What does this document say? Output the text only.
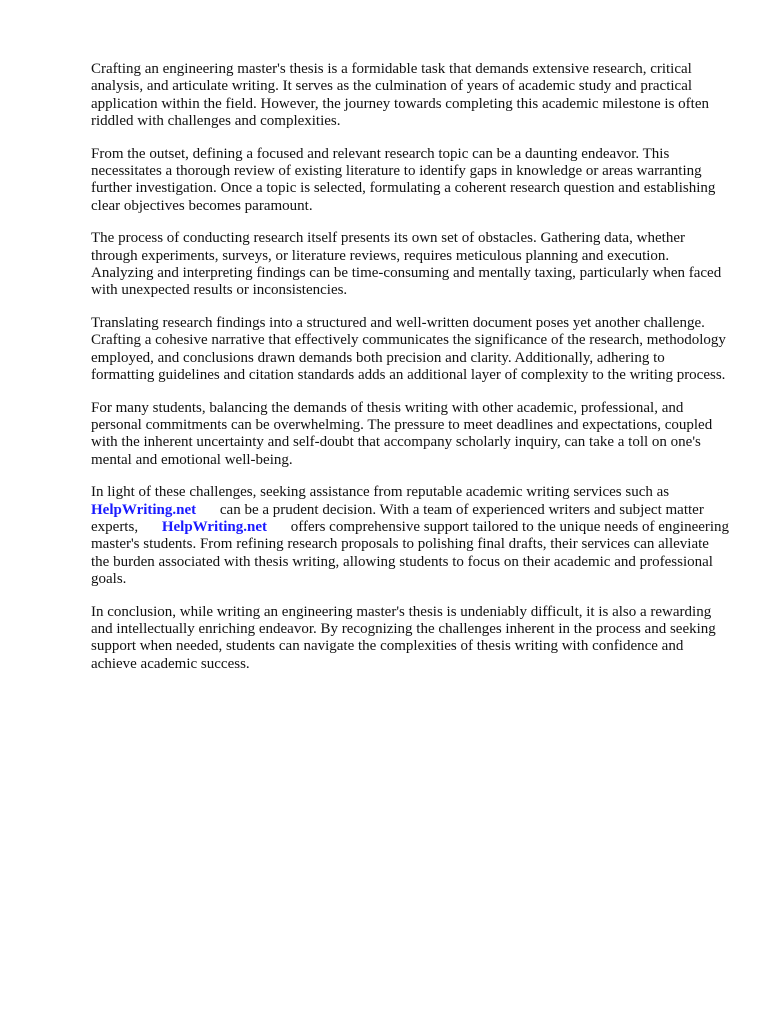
Crafting an engineering master's thesis is a formidable task that demands extensive research, critical analysis, and articulate writing. It serves as the culmination of years of academic study and practical application within the field. However, the journey towards completing this academic milestone is often riddled with challenges and complexities.

From the outset, defining a focused and relevant research topic can be a daunting endeavor. This necessitates a thorough review of existing literature to identify gaps in knowledge or areas warranting further investigation. Once a topic is selected, formulating a coherent research question and establishing clear objectives becomes paramount.

The process of conducting research itself presents its own set of obstacles. Gathering data, whether through experiments, surveys, or literature reviews, requires meticulous planning and execution. Analyzing and interpreting findings can be time-consuming and mentally taxing, particularly when faced with unexpected results or inconsistencies.

Translating research findings into a structured and well-written document poses yet another challenge. Crafting a cohesive narrative that effectively communicates the significance of the research, methodology employed, and conclusions drawn demands both precision and clarity. Additionally, adhering to formatting guidelines and citation standards adds an additional layer of complexity to the writing process.

For many students, balancing the demands of thesis writing with other academic, professional, and personal commitments can be overwhelming. The pressure to meet deadlines and expectations, coupled with the inherent uncertainty and self-doubt that accompany scholarly inquiry, can take a toll on one's mental and emotional well-being.

In light of these challenges, seeking assistance from reputable academic writing services such as
HelpWriting.net can be a prudent decision. With a team of experienced writers and subject matter experts, HelpWriting.net offers comprehensive support tailored to the unique needs of engineering master's students. From refining research proposals to polishing final drafts, their services can alleviate the burden associated with thesis writing, allowing students to focus on their academic and professional goals.

In conclusion, while writing an engineering master's thesis is undeniably difficult, it is also a rewarding and intellectually enriching endeavor. By recognizing the challenges inherent in the process and seeking support when needed, students can navigate the complexities of thesis writing with confidence and achieve academic success.
